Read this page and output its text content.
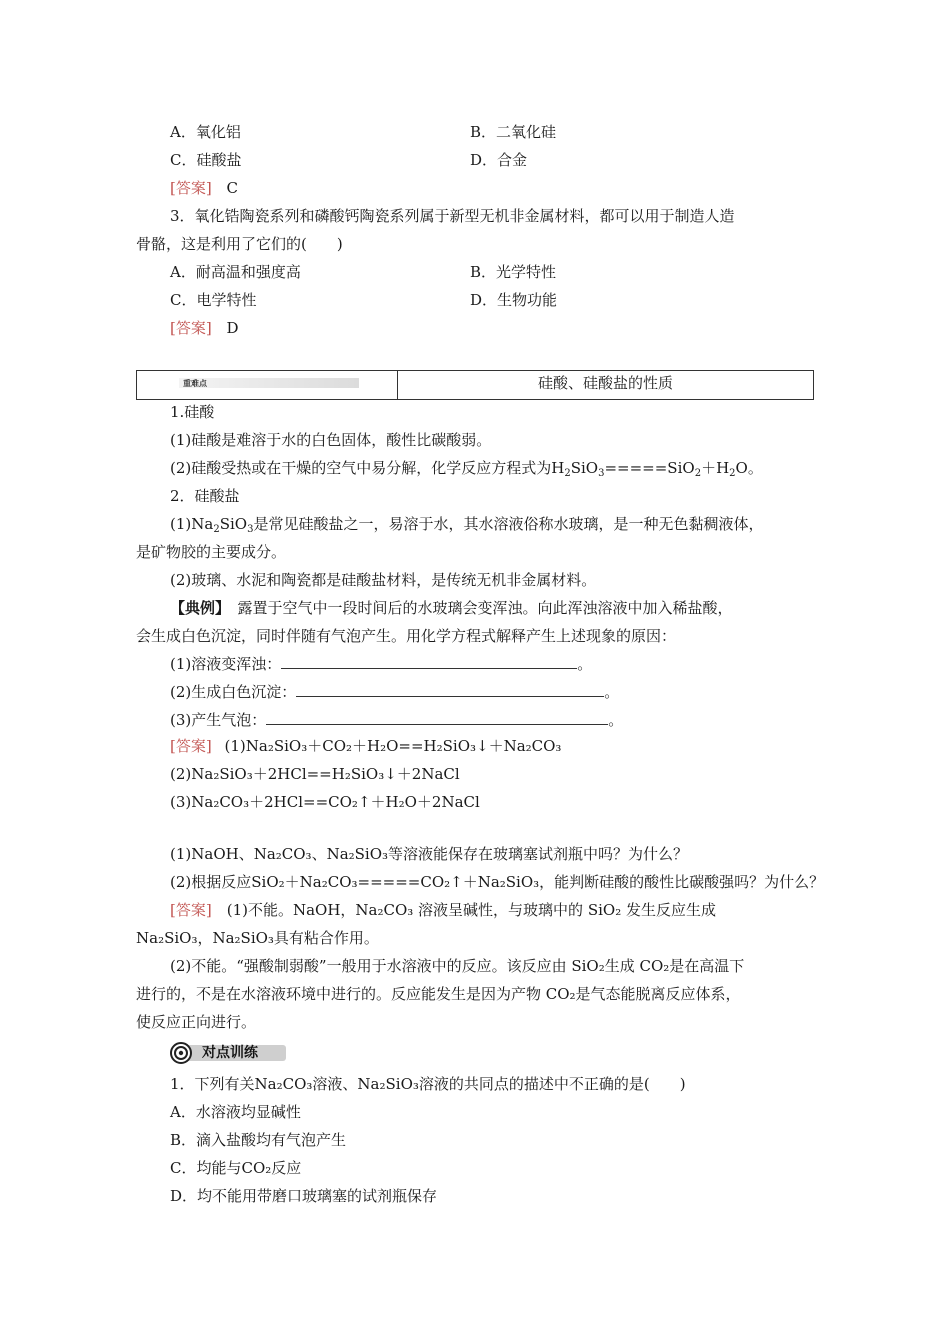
A．氧化铝	B．二氧化硅
C．硅酸盐	D．合金
[答案] C
3．氧化锆陶瓷系列和磷酸钙陶瓷系列属于新型无机非金属材料，都可以用于制造人造
骨骼，这是利用了它们的(　　)
A．耐高温和强度高	B．光学特性
C．电学特性	D．生物功能
[答案] D
重难点	硅酸、硅酸盐的性质
1.硅酸
(1)硅酸是难溶于水的白色固体，酸性比碳酸弱。
(2)硅酸受热或在干燥的空气中易分解，化学反应方程式为$H_2SiO_3=====SiO_2+H_2O$。
2．硅酸盐
$(1)Na_2SiO_3$是常见硅酸盐之一，易溶于水，其水溶液俗称水玻璃，是一种无色黏稠液体，
是矿物胶的主要成分。
(2)玻璃、水泥和陶瓷都是硅酸盐材料，是传统无机非金属材料。
【典例】　露置于空气中一段时间后的水玻璃会变浑浊。向此浑浊溶液中加入稀盐酸，
会生成白色沉淀，同时伴随有气泡产生。用化学方程式解释产生上述现象的原因：
(1)溶液变浑浊：	。
(2)生成白色沉淀：	。
(3)产生气泡：	。
[答案] (1)Na₂SiO₃＋CO₂＋H₂O==H₂SiO₃↓＋Na₂CO₃
(2)Na₂SiO₃＋2HCl==H₂SiO₃↓＋2NaCl
(3)Na₂CO₃＋2HCl==CO₂↑＋H₂O＋2NaCl
(1)NaOH、Na₂CO₃、Na₂SiO₃等溶液能保存在玻璃塞试剂瓶中吗？为什么？
(2)根据反应SiO₂＋Na₂CO₃=====CO₂↑＋Na₂SiO₃，能判断硅酸的酸性比碳酸强吗？为什么？
[答案]　(1)不能。NaOH，Na₂CO₃ 溶液呈碱性，与玻璃中的 SiO₂ 发生反应生成
Na₂SiO₃，Na₂SiO₃具有粘合作用。
(2)不能。“强酸制弱酸”一般用于水溶液中的反应。该反应由 SiO₂生成 CO₂是在高温下
进行的，不是在水溶液环境中进行的。反应能发生是因为产物 CO₂是气态能脱离反应体系，
使反应正向进行。
对点训练
1．下列有关Na₂CO₃溶液、Na₂SiO₃溶液的共同点的描述中不正确的是(　　)
A．水溶液均显碱性
B．滴入盐酸均有气泡产生
C．均能与CO₂反应
D．均不能用带磨口玻璃塞的试剂瓶保存
